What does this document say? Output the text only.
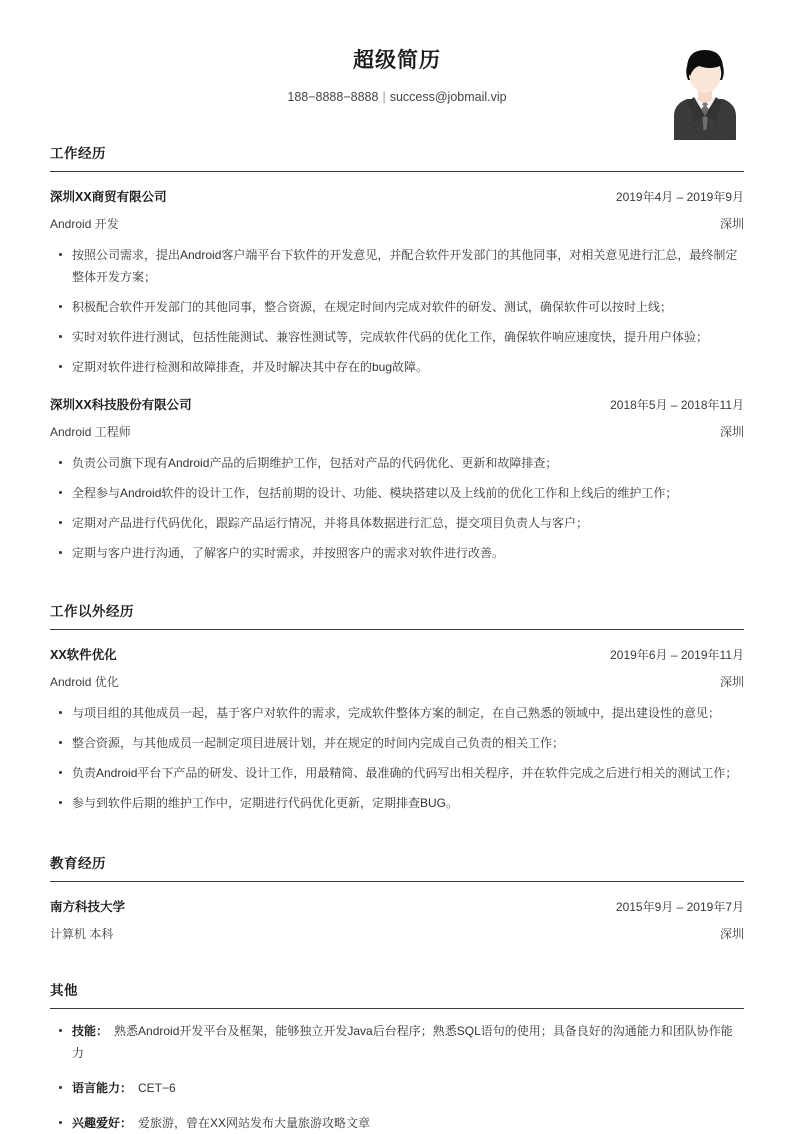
超级简历
188−8888−8888 | success@jobmail.vip
工作经历
深圳XX商贸有限公司	2019年4月 – 2019年9月
Android 开发	深圳
按照公司需求，提出Android客户端平台下软件的开发意见，并配合软件开发部门的其他同事，对相关意见进行汇总，最终制定整体开发方案；
积极配合软件开发部门的其他同事，整合资源，在规定时间内完成对软件的研发、测试，确保软件可以按时上线；
实时对软件进行测试，包括性能测试、兼容性测试等，完成软件代码的优化工作，确保软件响应速度快，提升用户体验；
定期对软件进行检测和故障排查，并及时解决其中存在的bug故障。
深圳XX科技股份有限公司	2018年5月 – 2018年11月
Android 工程师	深圳
负责公司旗下现有Android产品的后期维护工作，包括对产品的代码优化、更新和故障排查；
全程参与Android软件的设计工作，包括前期的设计、功能、模块搭建以及上线前的优化工作和上线后的维护工作；
定期对产品进行代码优化，跟踪产品运行情况，并将具体数据进行汇总，提交项目负责人与客户；
定期与客户进行沟通，了解客户的实时需求，并按照客户的需求对软件进行改善。
工作以外经历
XX软件优化	2019年6月 – 2019年11月
Android 优化	深圳
与项目组的其他成员一起，基于客户对软件的需求，完成软件整体方案的制定，在自己熟悉的领域中，提出建设性的意见；
整合资源，与其他成员一起制定项目进展计划，并在规定的时间内完成自己负责的相关工作；
负责Android平台下产品的研发、设计工作，用最精简、最准确的代码写出相关程序，并在软件完成之后进行相关的测试工作；
参与到软件后期的维护工作中，定期进行代码优化更新，定期排查BUG。
教育经历
南方科技大学	2015年9月 – 2019年7月
计算机 本科	深圳
其他
技能： 熟悉Android开发平台及框架，能够独立开发Java后台程序；熟悉SQL语句的使用；具备良好的沟通能力和团队协作能力
语言能力： CET−6
兴趣爱好： 爱旅游，曾在XX网站发布大量旅游攻略文章
